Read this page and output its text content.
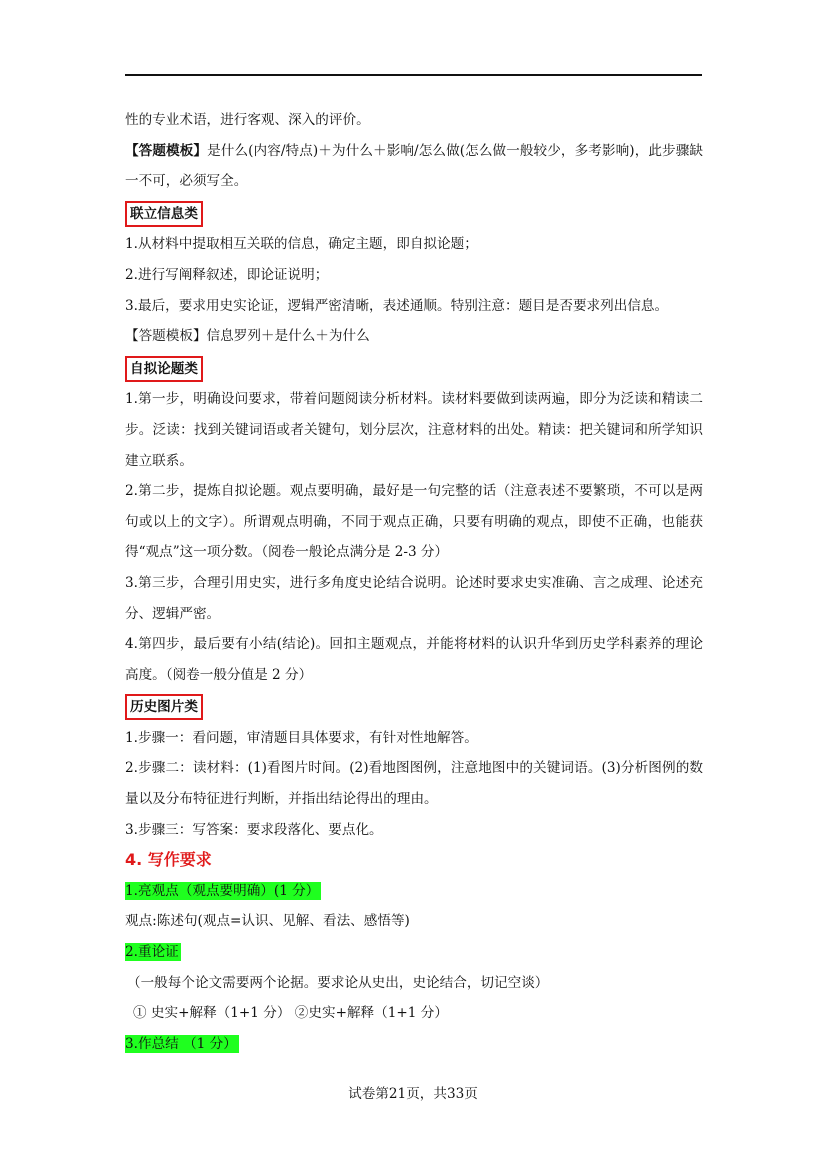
性的专业术语，进行客观、深入的评价。

【答题模板】是什么(内容/特点)＋为什么＋影响/怎么做(怎么做一般较少，多考影响)，此步骤缺一不可，必须写全。

联立信息类

1.从材料中提取相互关联的信息，确定主题，即自拟论题；

2.进行写阐释叙述，即论证说明；

3.最后，要求用史实论证，逻辑严密清晰，表述通顺。特别注意：题目是否要求列出信息。

【答题模板】信息罗列＋是什么＋为什么

自拟论题类

1.第一步，明确设问要求，带着问题阅读分析材料。读材料要做到读两遍，即分为泛读和精读二步。泛读：找到关键词语或者关键句，划分层次，注意材料的出处。精读：把关键词和所学知识建立联系。

2.第二步，提炼自拟论题。观点要明确，最好是一句完整的话（注意表述不要繁琐，不可以是两句或以上的文字）。所谓观点明确，不同于观点正确，只要有明确的观点，即使不正确，也能获得“观点”这一项分数。（阅卷一般论点满分是 2-3 分）

3.第三步，合理引用史实，进行多角度史论结合说明。论述时要求史实准确、言之成理、论述充分、逻辑严密。

4.第四步，最后要有小结(结论)。回扣主题观点，并能将材料的认识升华到历史学科素养的理论高度。（阅卷一般分值是 2 分）

历史图片类

1.步骤一：看问题，审清题目具体要求，有针对性地解答。

2.步骤二：读材料：(1)看图片时间。(2)看地图图例，注意地图中的关键词语。(3)分析图例的数量以及分布特征进行判断，并指出结论得出的理由。

3.步骤三：写答案：要求段落化、要点化。

4. 写作要求

1.亮观点（观点要明确）(1 分）

观点:陈述句(观点=认识、见解、看法、感悟等)

2.重论证

（一般每个论文需要两个论据。要求论从史出，史论结合，切记空谈）

① 史实+解释（1+1 分） ②史实+解释（1+1 分）

3.作总结 （1 分）

试卷第21页，共33页
